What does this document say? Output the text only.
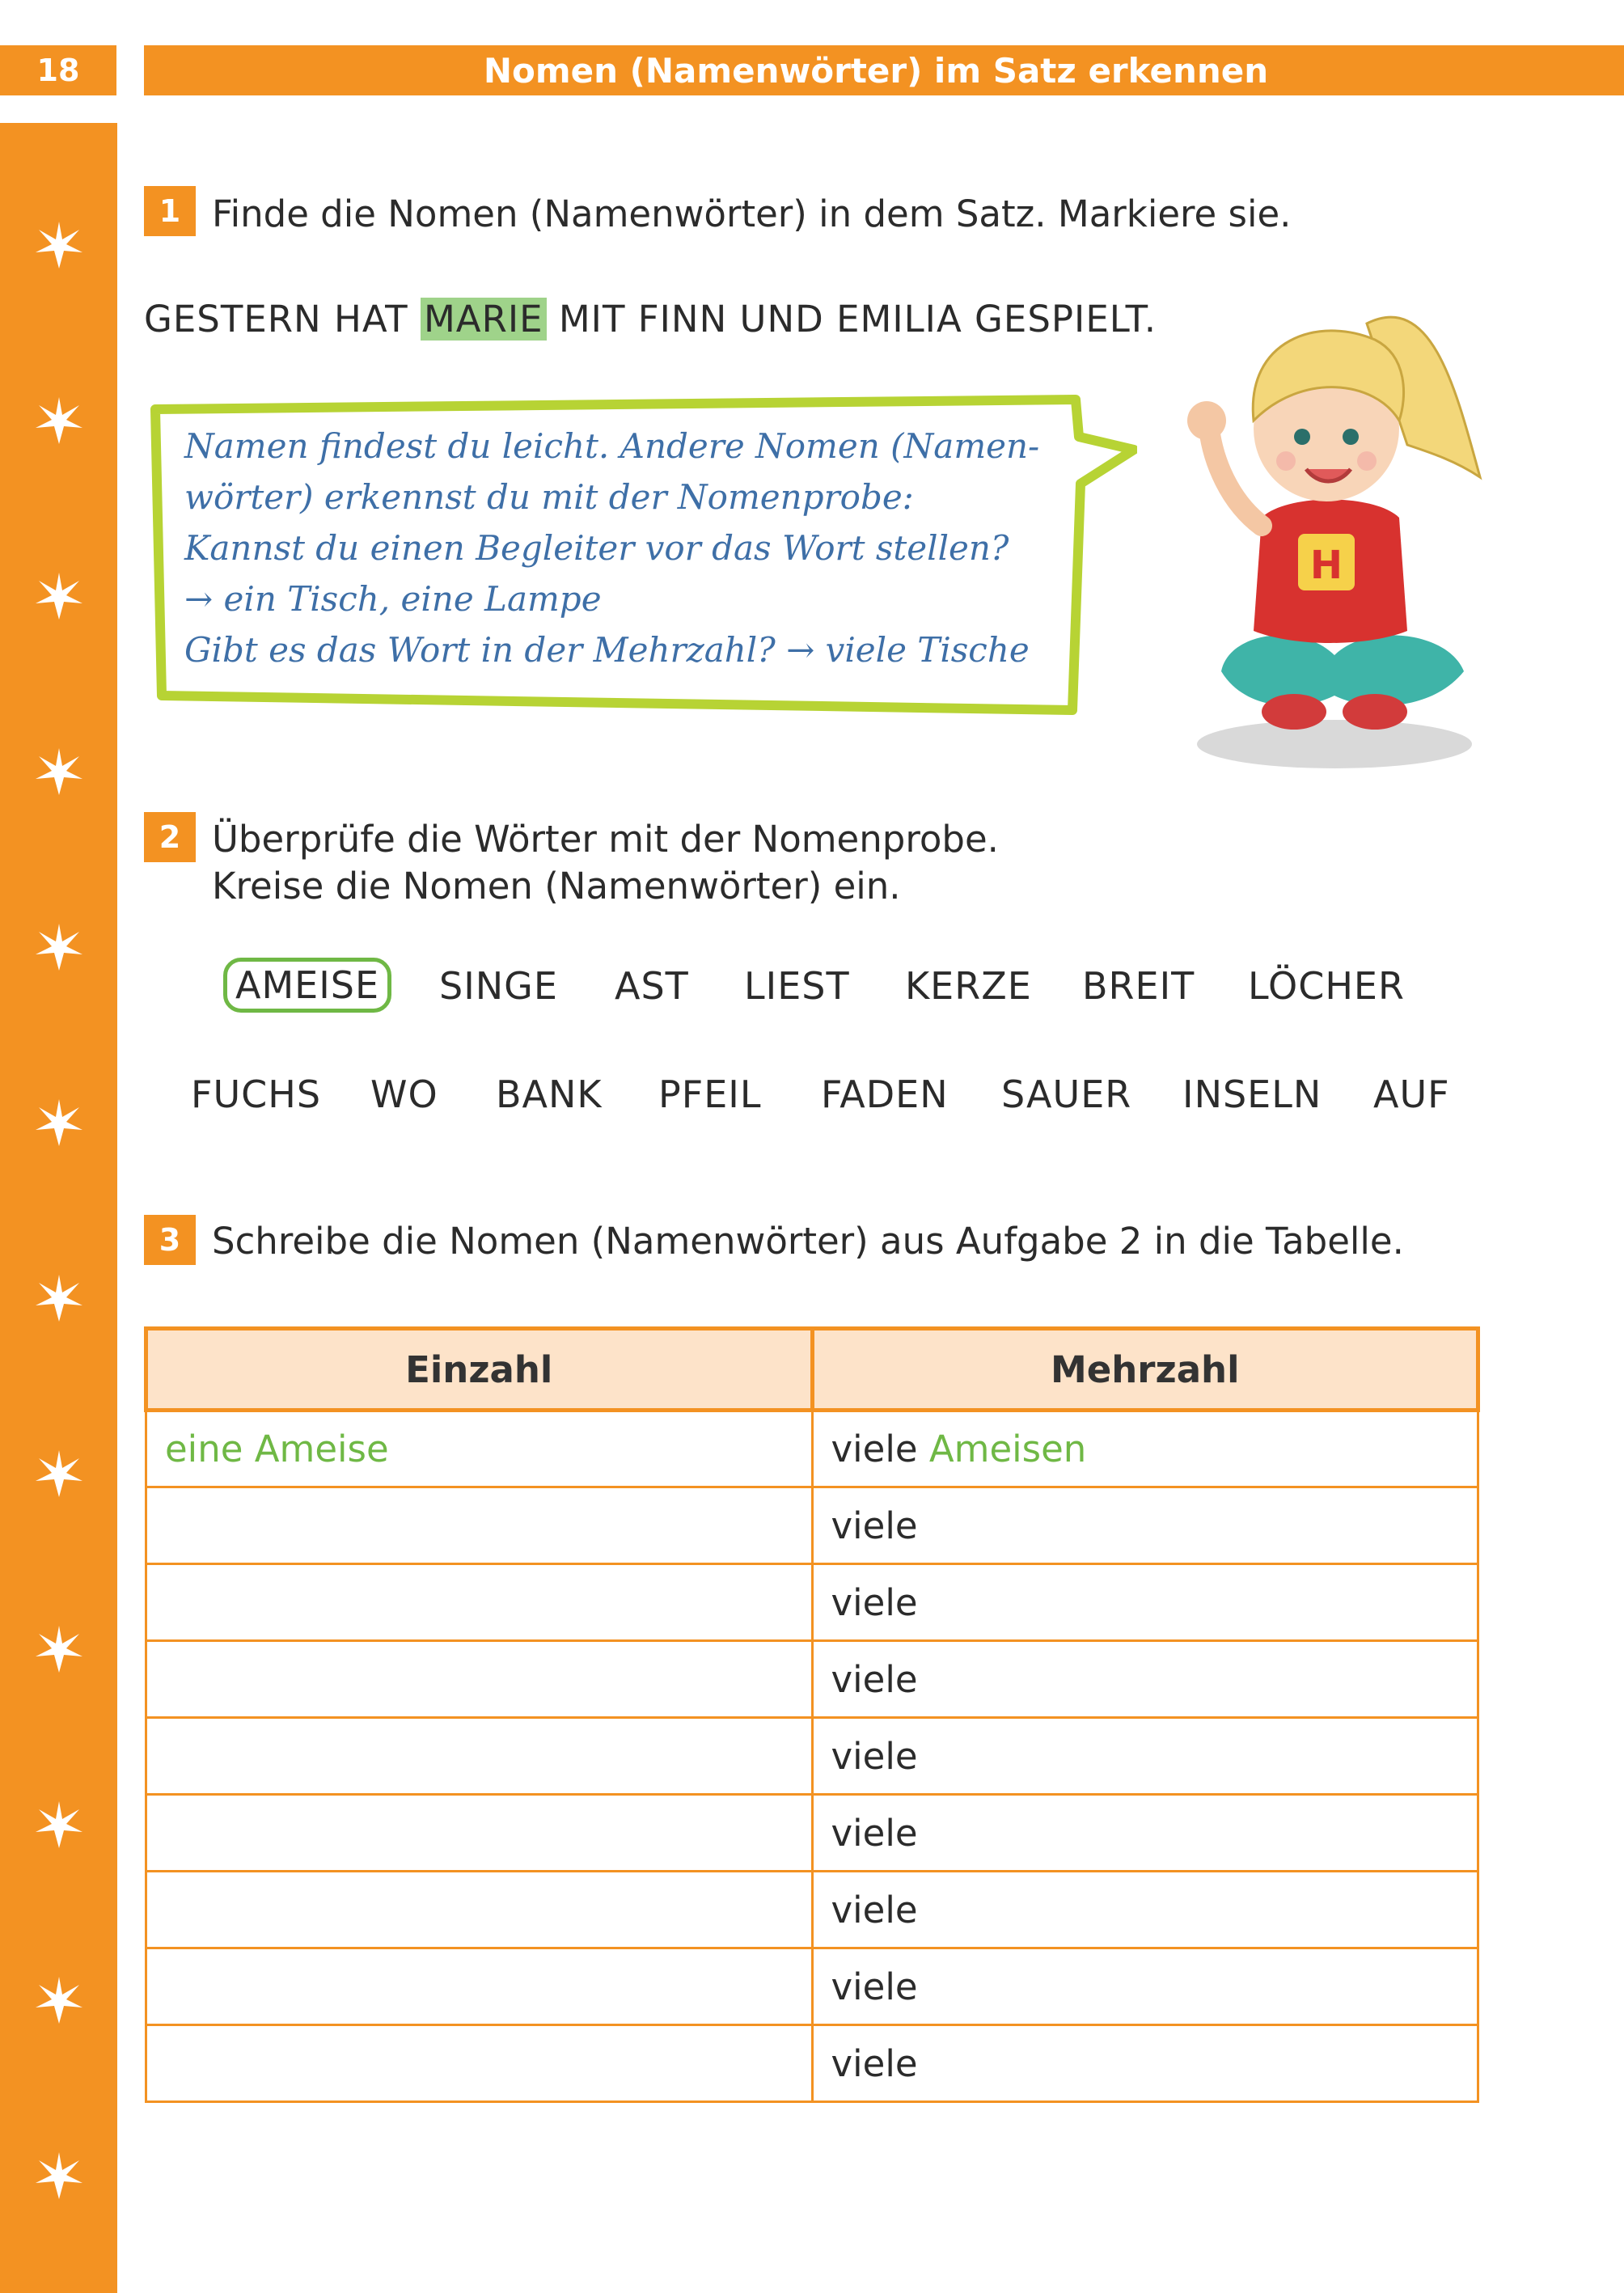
18	Nomen (Namenwörter) im Satz erkennen
1 Finde die Nomen (Namenwörter) in dem Satz. Markiere sie.
GESTERN HAT MARIE MIT FINN UND EMILIA GESPIELT.
Namen findest du leicht. Andere Nomen (Namen-
wörter) erkennst du mit der Nomenprobe:
Kannst du einen Begleiter vor das Wort stellen?
→ ein Tisch, eine Lampe
Gibt es das Wort in der Mehrzahl? → viele Tische
H
2 Überprüfe die Wörter mit der Nomenprobe.
Kreise die Nomen (Namenwörter) ein.
AMEISE	SINGE AST LIEST KERZE BREIT LÖCHER
FUCHS WO BANK PFEIL FADEN SAUER INSELN AUF
3 Schreibe die Nomen (Namenwörter) aus Aufgabe 2 in die Tabelle.
Einzahl	Mehrzahl
eine Ameise	viele Ameisen
	viele
	viele
	viele
	viele
	viele
	viele
	viele
	viele
